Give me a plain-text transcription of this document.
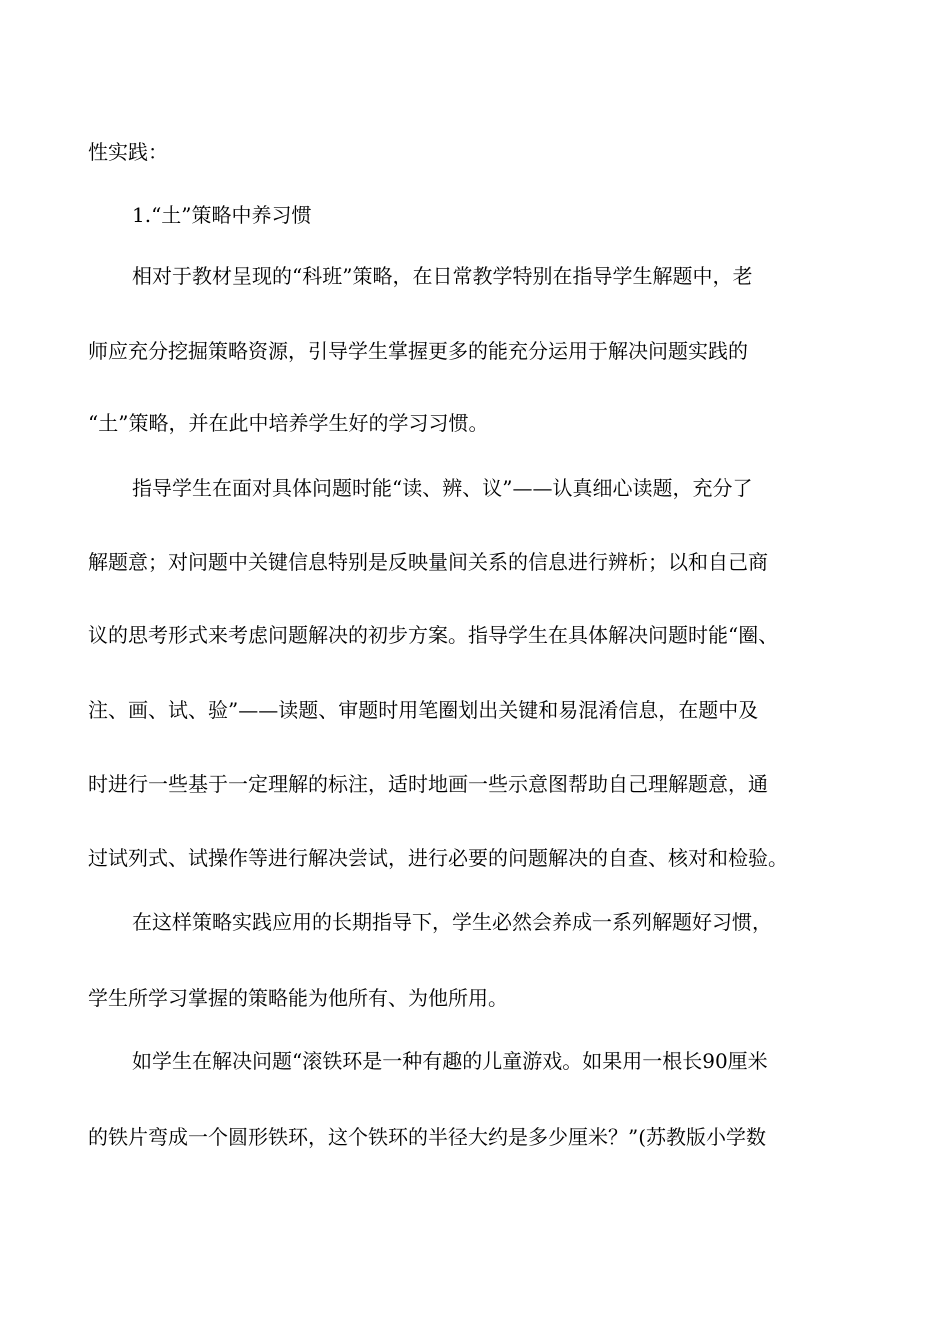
性实践：
1.“土”策略中养习惯
相对于教材呈现的“科班”策略，在日常教学特别在指导学生解题中，老
师应充分挖掘策略资源，引导学生掌握更多的能充分运用于解决问题实践的
“土”策略，并在此中培养学生好的学习习惯。
指导学生在面对具体问题时能“读、辨、议”——认真细心读题，充分了
解题意；对问题中关键信息特别是反映量间关系的信息进行辨析；以和自己商
议的思考形式来考虑问题解决的初步方案。指导学生在具体解决问题时能“圈、
注、画、试、验”——读题、审题时用笔圈划出关键和易混淆信息，在题中及
时进行一些基于一定理解的标注，适时地画一些示意图帮助自己理解题意，通
过试列式、试操作等进行解决尝试，进行必要的问题解决的自查、核对和检验。
在这样策略实践应用的长期指导下，学生必然会养成一系列解题好习惯，
学生所学习掌握的策略能为他所有、为他所用。
如学生在解决问题“滚铁环是一种有趣的儿童游戏。如果用一根长90厘米
的铁片弯成一个圆形铁环，这个铁环的半径大约是多少厘米？”(苏教版小学数
